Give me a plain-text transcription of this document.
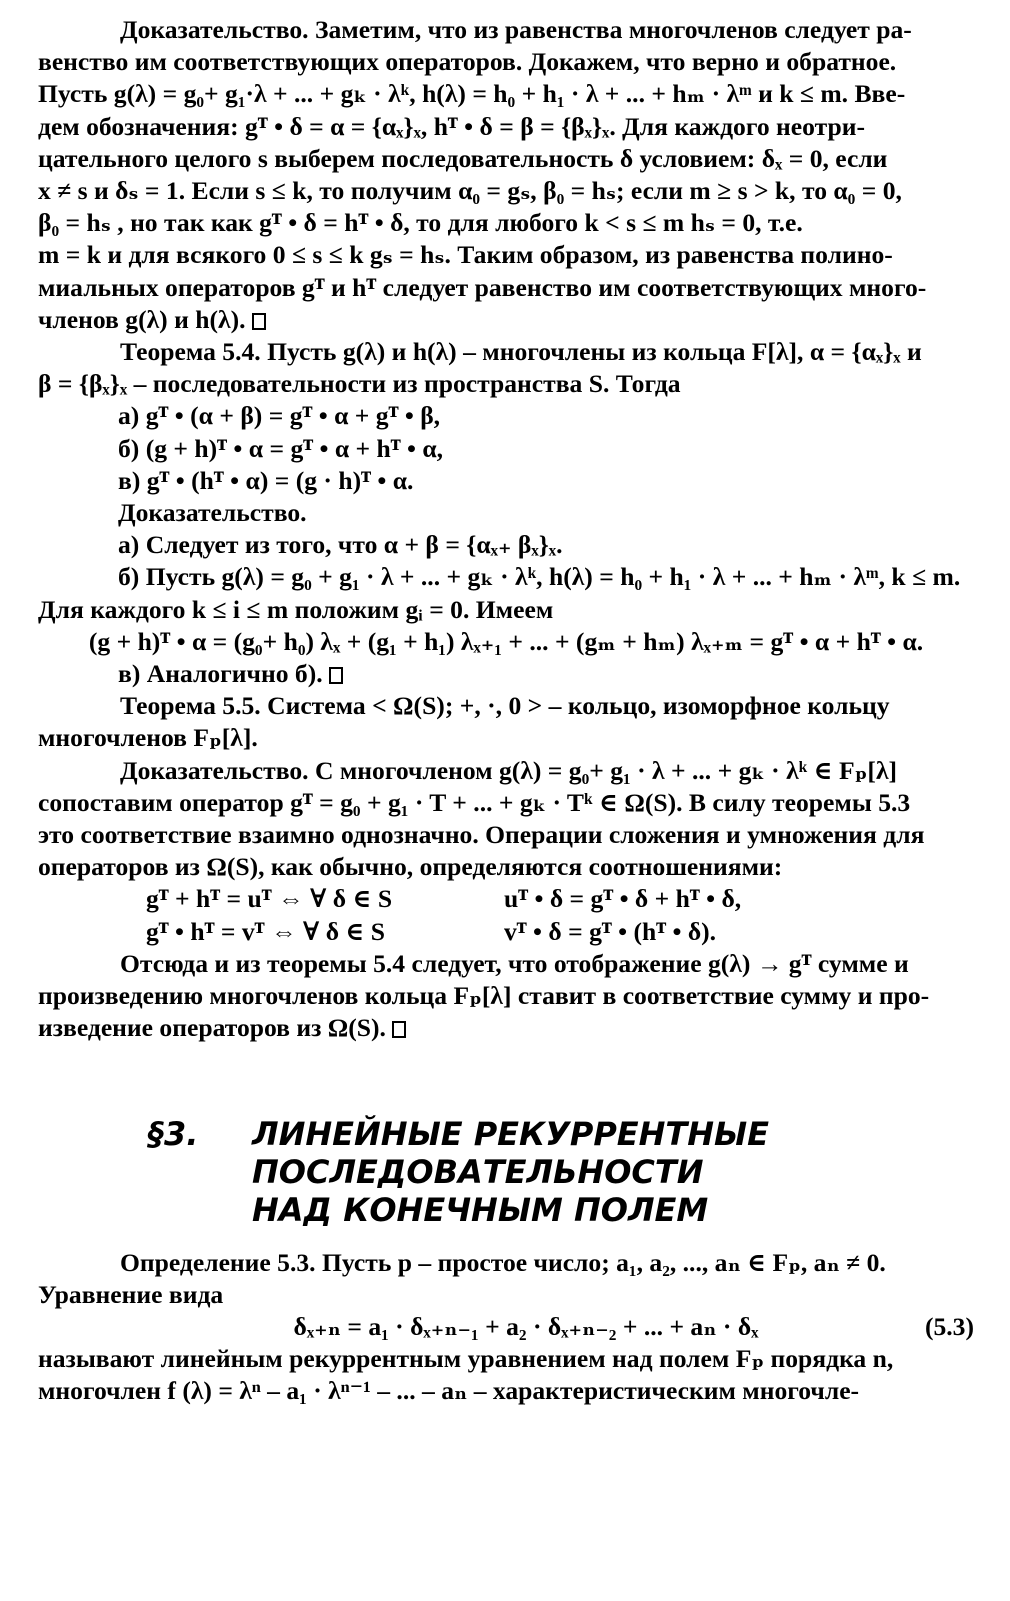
Доказательство. Заметим, что из равенства многочленов следует ра-
венство им соответствующих операторов. Докажем, что верно и обратное.
Пусть g(λ) = g₀+ g₁·λ + ... + gₖ · λᵏ, h(λ) = h₀ + h₁ · λ + ... + hₘ · λᵐ и k ≤ m. Вве-
дем обозначения: gᵀ • δ = α = {αₓ}ₓ, hᵀ • δ = β = {βₓ}ₓ. Для каждого неотри-
цательного целого s выберем последовательность δ условием: δₓ = 0, если
x ≠ s и δₛ = 1. Если s ≤ k, то получим α₀ = gₛ, β₀ = hₛ; если m ≥ s > k, то α₀ = 0,
β₀ = hₛ , но так как gᵀ • δ = hᵀ • δ, то для любого k < s ≤ m hₛ = 0, т.е.
m = k и для всякого 0 ≤ s ≤ k gₛ = hₛ. Таким образом, из равенства полино-
миальных операторов gᵀ и hᵀ следует равенство им соответствующих много-
членов g(λ) и h(λ).
Теорема 5.4. Пусть g(λ) и h(λ) – многочлены из кольца F[λ], α = {αₓ}ₓ и
β = {βₓ}ₓ – последовательности из пространства S. Тогда
а) gᵀ • (α + β) = gᵀ • α + gᵀ • β,
б) (g + h)ᵀ • α = gᵀ • α + hᵀ • α,
в) gᵀ • (hᵀ • α) = (g · h)ᵀ • α.
Доказательство.
а) Следует из того, что α + β = {αₓ₊ βₓ}ₓ.
б) Пусть g(λ) = g₀ + g₁ · λ + ... + gₖ · λᵏ, h(λ) = h₀ + h₁ · λ + ... + hₘ · λᵐ, k ≤ m.
Для каждого k ≤ i ≤ m положим gᵢ = 0. Имеем
(g + h)ᵀ • α = (g₀+ h₀) λₓ + (g₁ + h₁) λₓ₊₁ + ... + (gₘ + hₘ) λₓ₊ₘ = gᵀ • α + hᵀ • α.
в) Аналогично б).
Теорема 5.5. Система < Ω(S); +, ·, 0 > – кольцо, изоморфное кольцу
многочленов Fₚ[λ].
Доказательство. С многочленом g(λ) = g₀+ g₁ · λ + ... + gₖ · λᵏ ∈ Fₚ[λ]
сопоставим оператор gᵀ = g₀ + g₁ · T + ... + gₖ · Tᵏ ∈ Ω(S). В силу теоремы 5.3
это соответствие взаимно однозначно. Операции сложения и умножения для
операторов из Ω(S), как обычно, определяются соотношениями:
gᵀ + hᵀ = uᵀ ⇔ ∀ δ ∈ S	uᵀ • δ = gᵀ • δ + hᵀ • δ,
gᵀ • hᵀ = vᵀ ⇔ ∀ δ ∈ S	vᵀ • δ = gᵀ • (hᵀ • δ).
Отсюда и из теоремы 5.4 следует, что отображение g(λ) → gᵀ сумме и
произведению многочленов кольца Fₚ[λ] ставит в соответствие сумму и про-
изведение операторов из Ω(S).
§3. ЛИНЕЙНЫЕ РЕКУРРЕНТНЫЕ
ПОСЛЕДОВАТЕЛЬНОСТИ
НАД КОНЕЧНЫМ ПОЛЕМ
Определение 5.3. Пусть p – простое число; a₁, a₂, ..., aₙ ∈ Fₚ, aₙ ≠ 0.
Уравнение вида
δₓ₊ₙ = a₁ · δₓ₊ₙ₋₁ + a₂ · δₓ₊ₙ₋₂ + ... + aₙ · δₓ	(5.3)
называют линейным рекуррентным уравнением над полем Fₚ порядка n,
многочлен f (λ) = λⁿ – a₁ · λⁿ⁻¹ – ... – aₙ – характеристическим многочле-
